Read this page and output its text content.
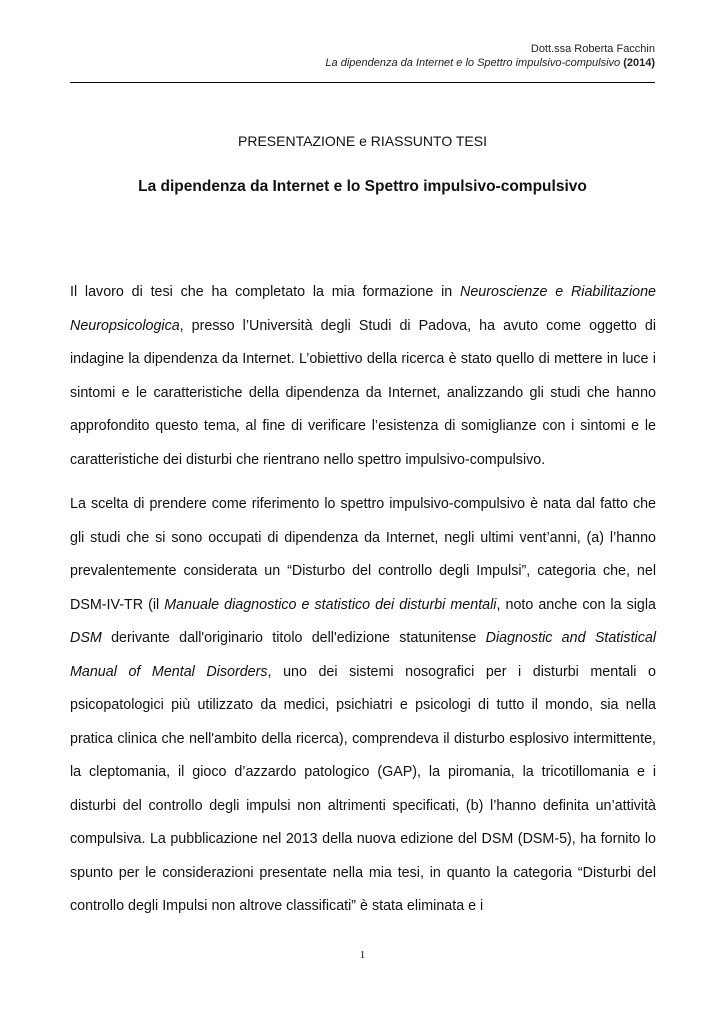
Dott.ssa Roberta Facchin
La dipendenza da Internet e lo Spettro impulsivo-compulsivo (2014)
PRESENTAZIONE e RIASSUNTO TESI
La dipendenza da Internet e lo Spettro impulsivo-compulsivo

Il lavoro di tesi che ha completato la mia formazione in Neuroscienze e Riabilitazione Neuropsicologica, presso l’Università degli Studi di Padova, ha avuto come oggetto di indagine la dipendenza da Internet. L’obiettivo della ricerca è stato quello di mettere in luce i sintomi e le caratteristiche della dipendenza da Internet, analizzando gli studi che hanno approfondito questo tema, al fine di verificare l’esistenza di somiglianze con i sintomi e le caratteristiche dei disturbi che rientrano nello spettro impulsivo-compulsivo.

La scelta di prendere come riferimento lo spettro impulsivo-compulsivo è nata dal fatto che gli studi che si sono occupati di dipendenza da Internet, negli ultimi vent’anni, (a) l’hanno prevalentemente considerata un “Disturbo del controllo degli Impulsi”, categoria che, nel DSM-IV-TR (il Manuale diagnostico e statistico dei disturbi mentali, noto anche con la sigla DSM derivante dall'originario titolo dell'edizione statunitense Diagnostic and Statistical Manual of Mental Disorders, uno dei sistemi nosografici per i disturbi mentali o psicopatologici più utilizzato da medici, psichiatri e psicologi di tutto il mondo, sia nella pratica clinica che nell'ambito della ricerca), comprendeva il disturbo esplosivo intermittente, la cleptomania, il gioco d’azzardo patologico (GAP), la piromania, la tricotillomania e i disturbi del controllo degli impulsi non altrimenti specificati, (b) l’hanno definita un’attività compulsiva. La pubblicazione nel 2013 della nuova edizione del DSM (DSM-5), ha fornito lo spunto per le considerazioni presentate nella mia tesi, in quanto la categoria “Disturbi del controllo degli Impulsi non altrove classificati” è stata eliminata e i

1
